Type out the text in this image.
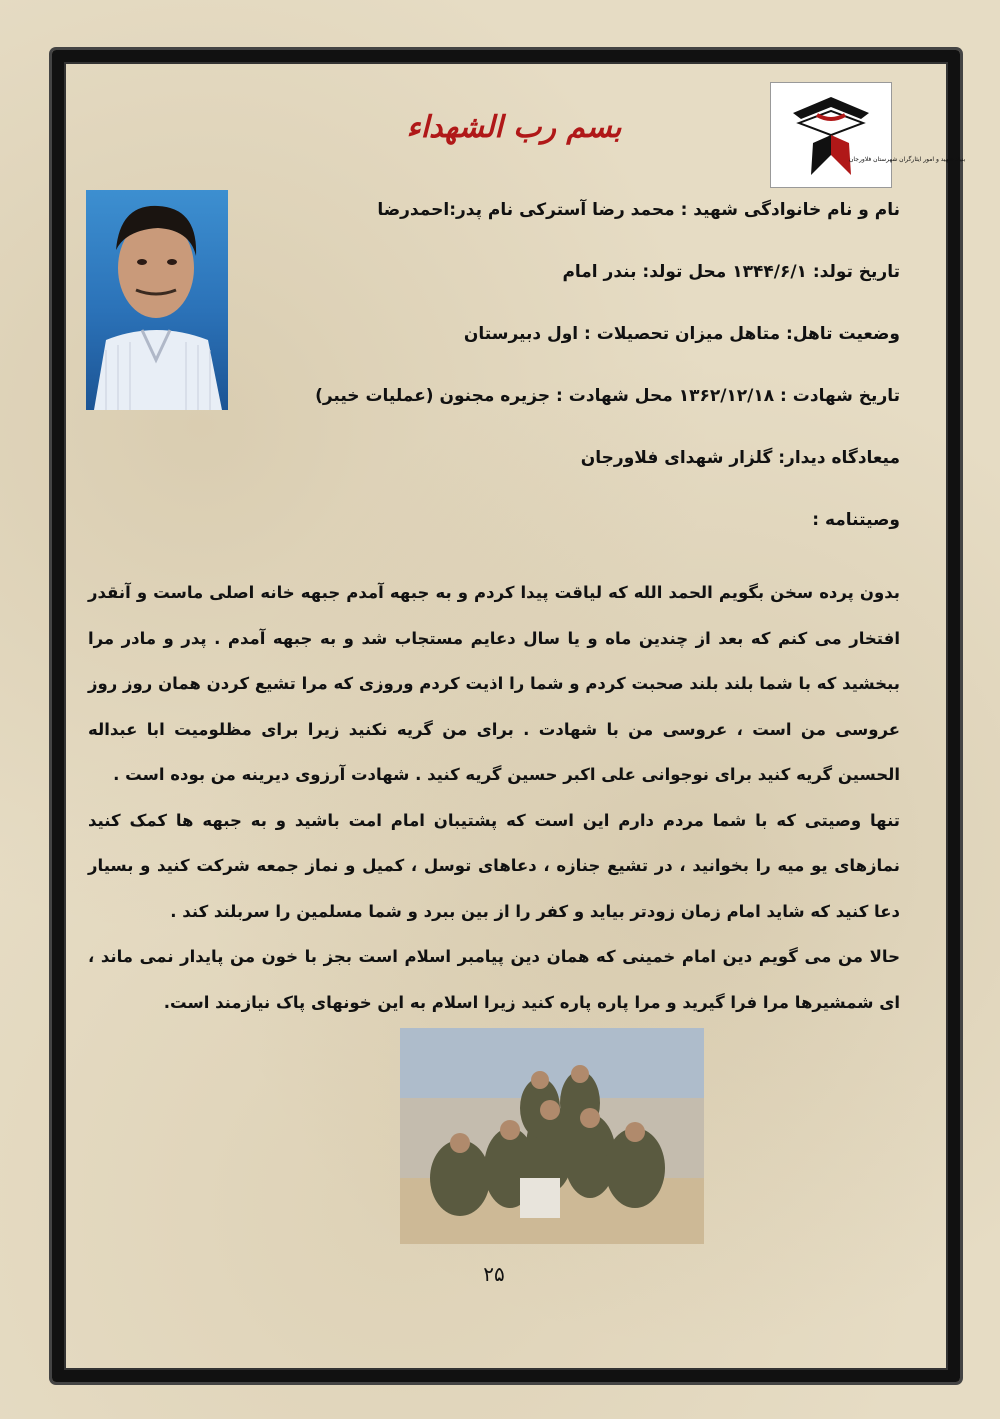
بنیاد شهید و امور ایثارگران شهرستان فلاورجان
بسم رب الشهداء
نام و نام خانوادگی شهید : محمد رضا آسترکی نام پدر:احمدرضا
تاریخ تولد: ۱۳۴۴/۶/۱ محل تولد: بندر امام
وضعیت تاهل: متاهل میزان تحصیلات : اول دبیرستان
تاریخ شهادت : ۱۳۶۲/۱۲/۱۸ محل شهادت : جزیره مجنون (عملیات خیبر)
میعادگاه دیدار: گلزار شهدای فلاورجان
وصیتنامه :

بدون پرده سخن بگویم الحمد الله که لیاقت پیدا کردم و به جبهه آمدم جبهه خانه اصلی ماست و آنقدر افتخار می کنم که بعد از چندین ماه و یا سال دعایم مستجاب شد و به جبهه آمدم . پدر و مادر مرا ببخشید که با شما بلند بلند صحبت کردم و شما را اذیت کردم وروزی که مرا تشیع کردن همان روز روز عروسی من است ، عروسی من با شهادت . برای من گریه نکنید زیرا برای مظلومیت ابا عبداله الحسین گریه کنید برای نوجوانی علی اکبر حسین گریه کنید . شهادت آرزوی دیرینه من بوده است .

تنها وصیتی که با شما مردم دارم این است که پشتیبان امام امت باشید و به جبهه ها کمک کنید نمازهای یو میه را بخوانید ، در تشیع جنازه ، دعاهای توسل ، کمیل و نماز جمعه شرکت کنید و بسیار دعا کنید که شاید امام زمان زودتر بیاید و کفر را از بین ببرد و شما مسلمین را سربلند کند .

حالا من می گویم دین امام خمینی که همان دین پیامبر اسلام است بجز با خون من پایدار نمی ماند ، ای شمشیرها مرا فرا گیرید و مرا پاره پاره کنید زیرا اسلام به این خونهای پاک نیازمند است.

۲۵
